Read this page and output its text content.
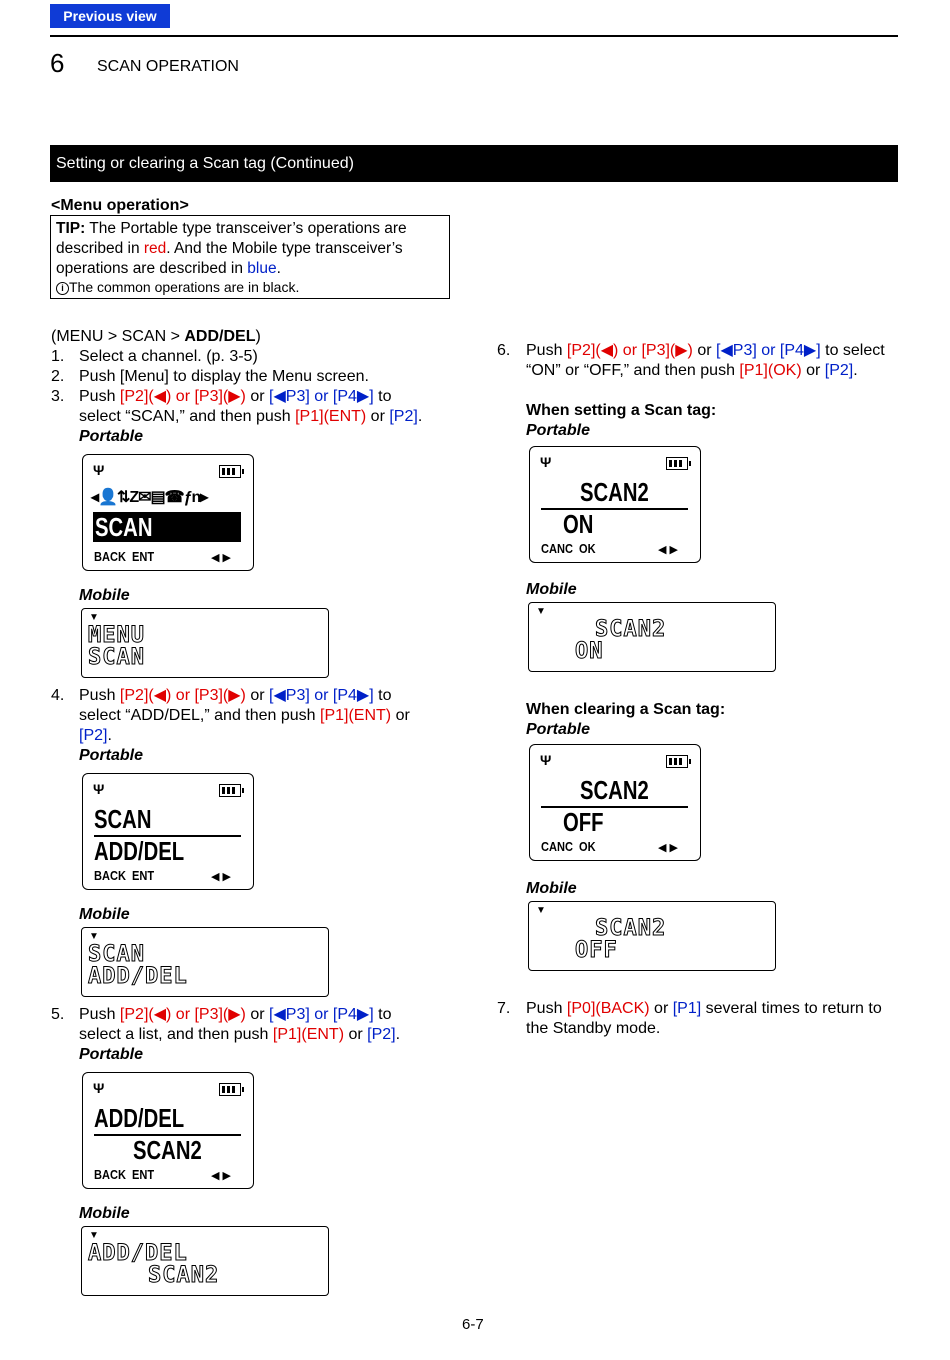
Previous view
6 SCAN OPERATION
Setting or clearing a Scan tag (Continued)
<Menu operation>
TIP: The Portable type transceiver’s operations are
described in red. And the Mobile type transceiver’s
operations are described in blue.
i The common operations are in black.
(MENU > SCAN > ADD/DEL)
1. Select a channel. (p. 3-5)
2. Push [Menu] to display the Menu screen.
3. Push [P2](◀) or [P3](▶) or [◀P3] or [P4▶] to
select “SCAN,” and then push [P1](ENT) or [P2].
Portable
Ψ
◂👤⇅Z✉▤☎ƒn▸
SCAN
BACK  ENT	◀ ▶
Mobile
▼
MENU
SCAN
4. Push [P2](◀) or [P3](▶) or [◀P3] or [P4▶] to
select “ADD/DEL,” and then push [P1](ENT) or
[P2].
Portable
Ψ
SCAN
ADD/DEL
BACK  ENT	◀ ▶
Mobile
▼
SCAN
ADD/DEL
5. Push [P2](◀) or [P3](▶) or [◀P3] or [P4▶] to
select a list, and then push [P1](ENT) or [P2].
Portable
Ψ
ADD/DEL
SCAN2
BACK  ENT	◀ ▶
Mobile
▼
ADD/DEL
SCAN2
6. Push [P2](◀) or [P3](▶) or [◀P3] or [P4▶] to select
“ON” or “OFF,” and then push [P1](OK) or [P2].
When setting a Scan tag:
Portable
Ψ
SCAN2
ON
CANC  OK	◀ ▶
Mobile
▼
SCAN2
ON
When clearing a Scan tag:
Portable
Ψ
SCAN2
OFF
CANC  OK	◀ ▶
Mobile
▼
SCAN2
OFF
7. Push [P0](BACK) or [P1] several times to return to
the Standby mode.
6-7
